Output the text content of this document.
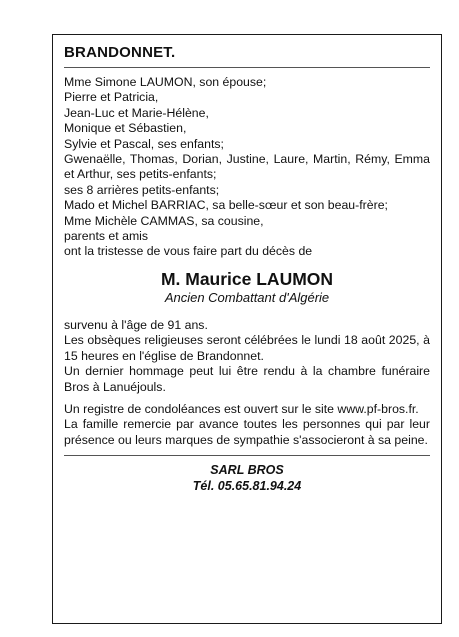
BRANDONNET.
Mme Simone LAUMON, son épouse;
Pierre et Patricia,
Jean-Luc et Marie-Hélène,
Monique et Sébastien,
Sylvie et Pascal, ses enfants;
Gwenaëlle, Thomas, Dorian, Justine, Laure, Martin, Rémy, Emma et Arthur, ses petits-enfants;
ses 8 arrières petits-enfants;
Mado et Michel BARRIAC, sa belle-sœur et son beau-frère;
Mme Michèle CAMMAS, sa cousine,
parents et amis
ont la tristesse de vous faire part du décès de
M. Maurice LAUMON
Ancien Combattant d'Algérie
survenu à l'âge de 91 ans.
Les obsèques religieuses seront célébrées le lundi 18 août 2025, à 15 heures en l'église de Brandonnet.
Un dernier hommage peut lui être rendu à la chambre funéraire Bros à Lanuéjouls.
Un registre de condoléances est ouvert sur le site www.pf-bros.fr.
La famille remercie par avance toutes les personnes qui par leur présence ou leurs marques de sympathie s'associeront à sa peine.
SARL BROS
Tél. 05.65.81.94.24
